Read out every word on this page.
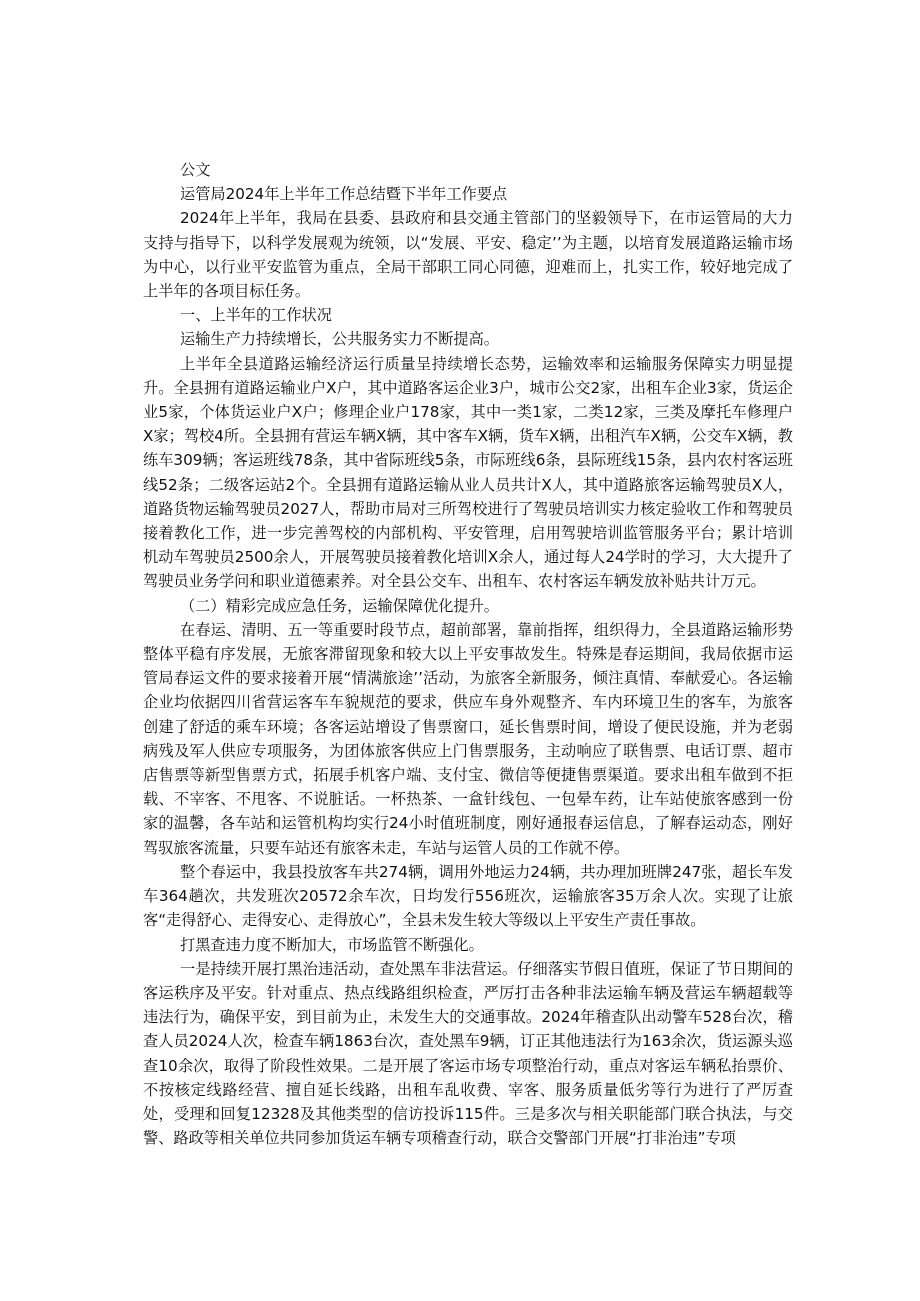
公文

运管局2024年上半年工作总结暨下半年工作要点

2024年上半年，我局在县委、县政府和县交通主管部门的坚毅领导下，在市运管局的大力支持与指导下，以科学发展观为统领，以“发展、平安、稳定’’为主题，以培育发展道路运输市场为中心，以行业平安监管为重点，全局干部职工同心同德，迎难而上，扎实工作，较好地完成了上半年的各项目标任务。

一、上半年的工作状况

运输生产力持续增长，公共服务实力不断提高。

上半年全县道路运输经济运行质量呈持续增长态势，运输效率和运输服务保障实力明显提升。全县拥有道路运输业户X户，其中道路客运企业3户，城市公交2家，出租车企业3家，货运企业5家，个体货运业户X户；修理企业户178家，其中一类1家，二类12家，三类及摩托车修理户X家；驾校4所。全县拥有营运车辆X辆，其中客车X辆，货车X辆，出租汽车X辆，公交车X辆，教练车309辆；客运班线78条，其中省际班线5条，市际班线6条，县际班线15条，县内农村客运班线52条；二级客运站2个。全县拥有道路运输从业人员共计X人，其中道路旅客运输驾驶员X人，道路货物运输驾驶员2027人，帮助市局对三所驾校进行了驾驶员培训实力核定验收工作和驾驶员接着教化工作，进一步完善驾校的内部机构、平安管理，启用驾驶培训监管服务平台；累计培训机动车驾驶员2500余人，开展驾驶员接着教化培训X余人，通过每人24学时的学习，大大提升了驾驶员业务学问和职业道德素养。对全县公交车、出租车、农村客运车辆发放补贴共计万元。

（二）精彩完成应急任务，运输保障优化提升。

在春运、清明、五一等重要时段节点，超前部署，靠前指挥，组织得力，全县道路运输形势整体平稳有序发展，无旅客滞留现象和较大以上平安事故发生。特殊是春运期间，我局依据市运管局春运文件的要求接着开展“情满旅途’’活动，为旅客全新服务，倾注真情、奉献爱心。各运输企业均依据四川省营运客车车貌规范的要求，供应车身外观整齐、车内环境卫生的客车，为旅客创建了舒适的乘车环境；各客运站增设了售票窗口，延长售票时间，增设了便民设施，并为老弱病残及军人供应专项服务，为团体旅客供应上门售票服务，主动响应了联售票、电话订票、超市店售票等新型售票方式，拓展手机客户端、支付宝、微信等便捷售票渠道。要求出租车做到不拒载、不宰客、不甩客、不说脏话。一杯热茶、一盒针线包、一包晕车药，让车站使旅客感到一份家的温馨，各车站和运管机构均实行24小时值班制度，刚好通报春运信息，了解春运动态，刚好驾驭旅客流量，只要车站还有旅客未走，车站与运管人员的工作就不停。

整个春运中，我县投放客车共274辆，调用外地运力24辆，共办理加班牌247张，超长车发车364趟次，共发班次20572余车次，日均发行556班次，运输旅客35万余人次。实现了让旅客“走得舒心、走得安心、走得放心”，全县未发生较大等级以上平安生产责任事故。

打黑查违力度不断加大，市场监管不断强化。

一是持续开展打黑治违活动，查处黑车非法营运。仔细落实节假日值班，保证了节日期间的客运秩序及平安。针对重点、热点线路组织检查，严厉打击各种非法运输车辆及营运车辆超载等违法行为，确保平安，到目前为止，未发生大的交通事故。2024年稽查队出动警车528台次，稽查人员2024人次，检查车辆1863台次，查处黑车9辆，订正其他违法行为163余次，货运源头巡查10余次，取得了阶段性效果。二是开展了客运市场专项整治行动，重点对客运车辆私抬票价、不按核定线路经营、擅自延长线路，出租车乱收费、宰客、服务质量低劣等行为进行了严厉查处，受理和回复12328及其他类型的信访投诉115件。三是多次与相关职能部门联合执法，与交警、路政等相关单位共同参加货运车辆专项稽查行动，联合交警部门开展“打非治违”专项
